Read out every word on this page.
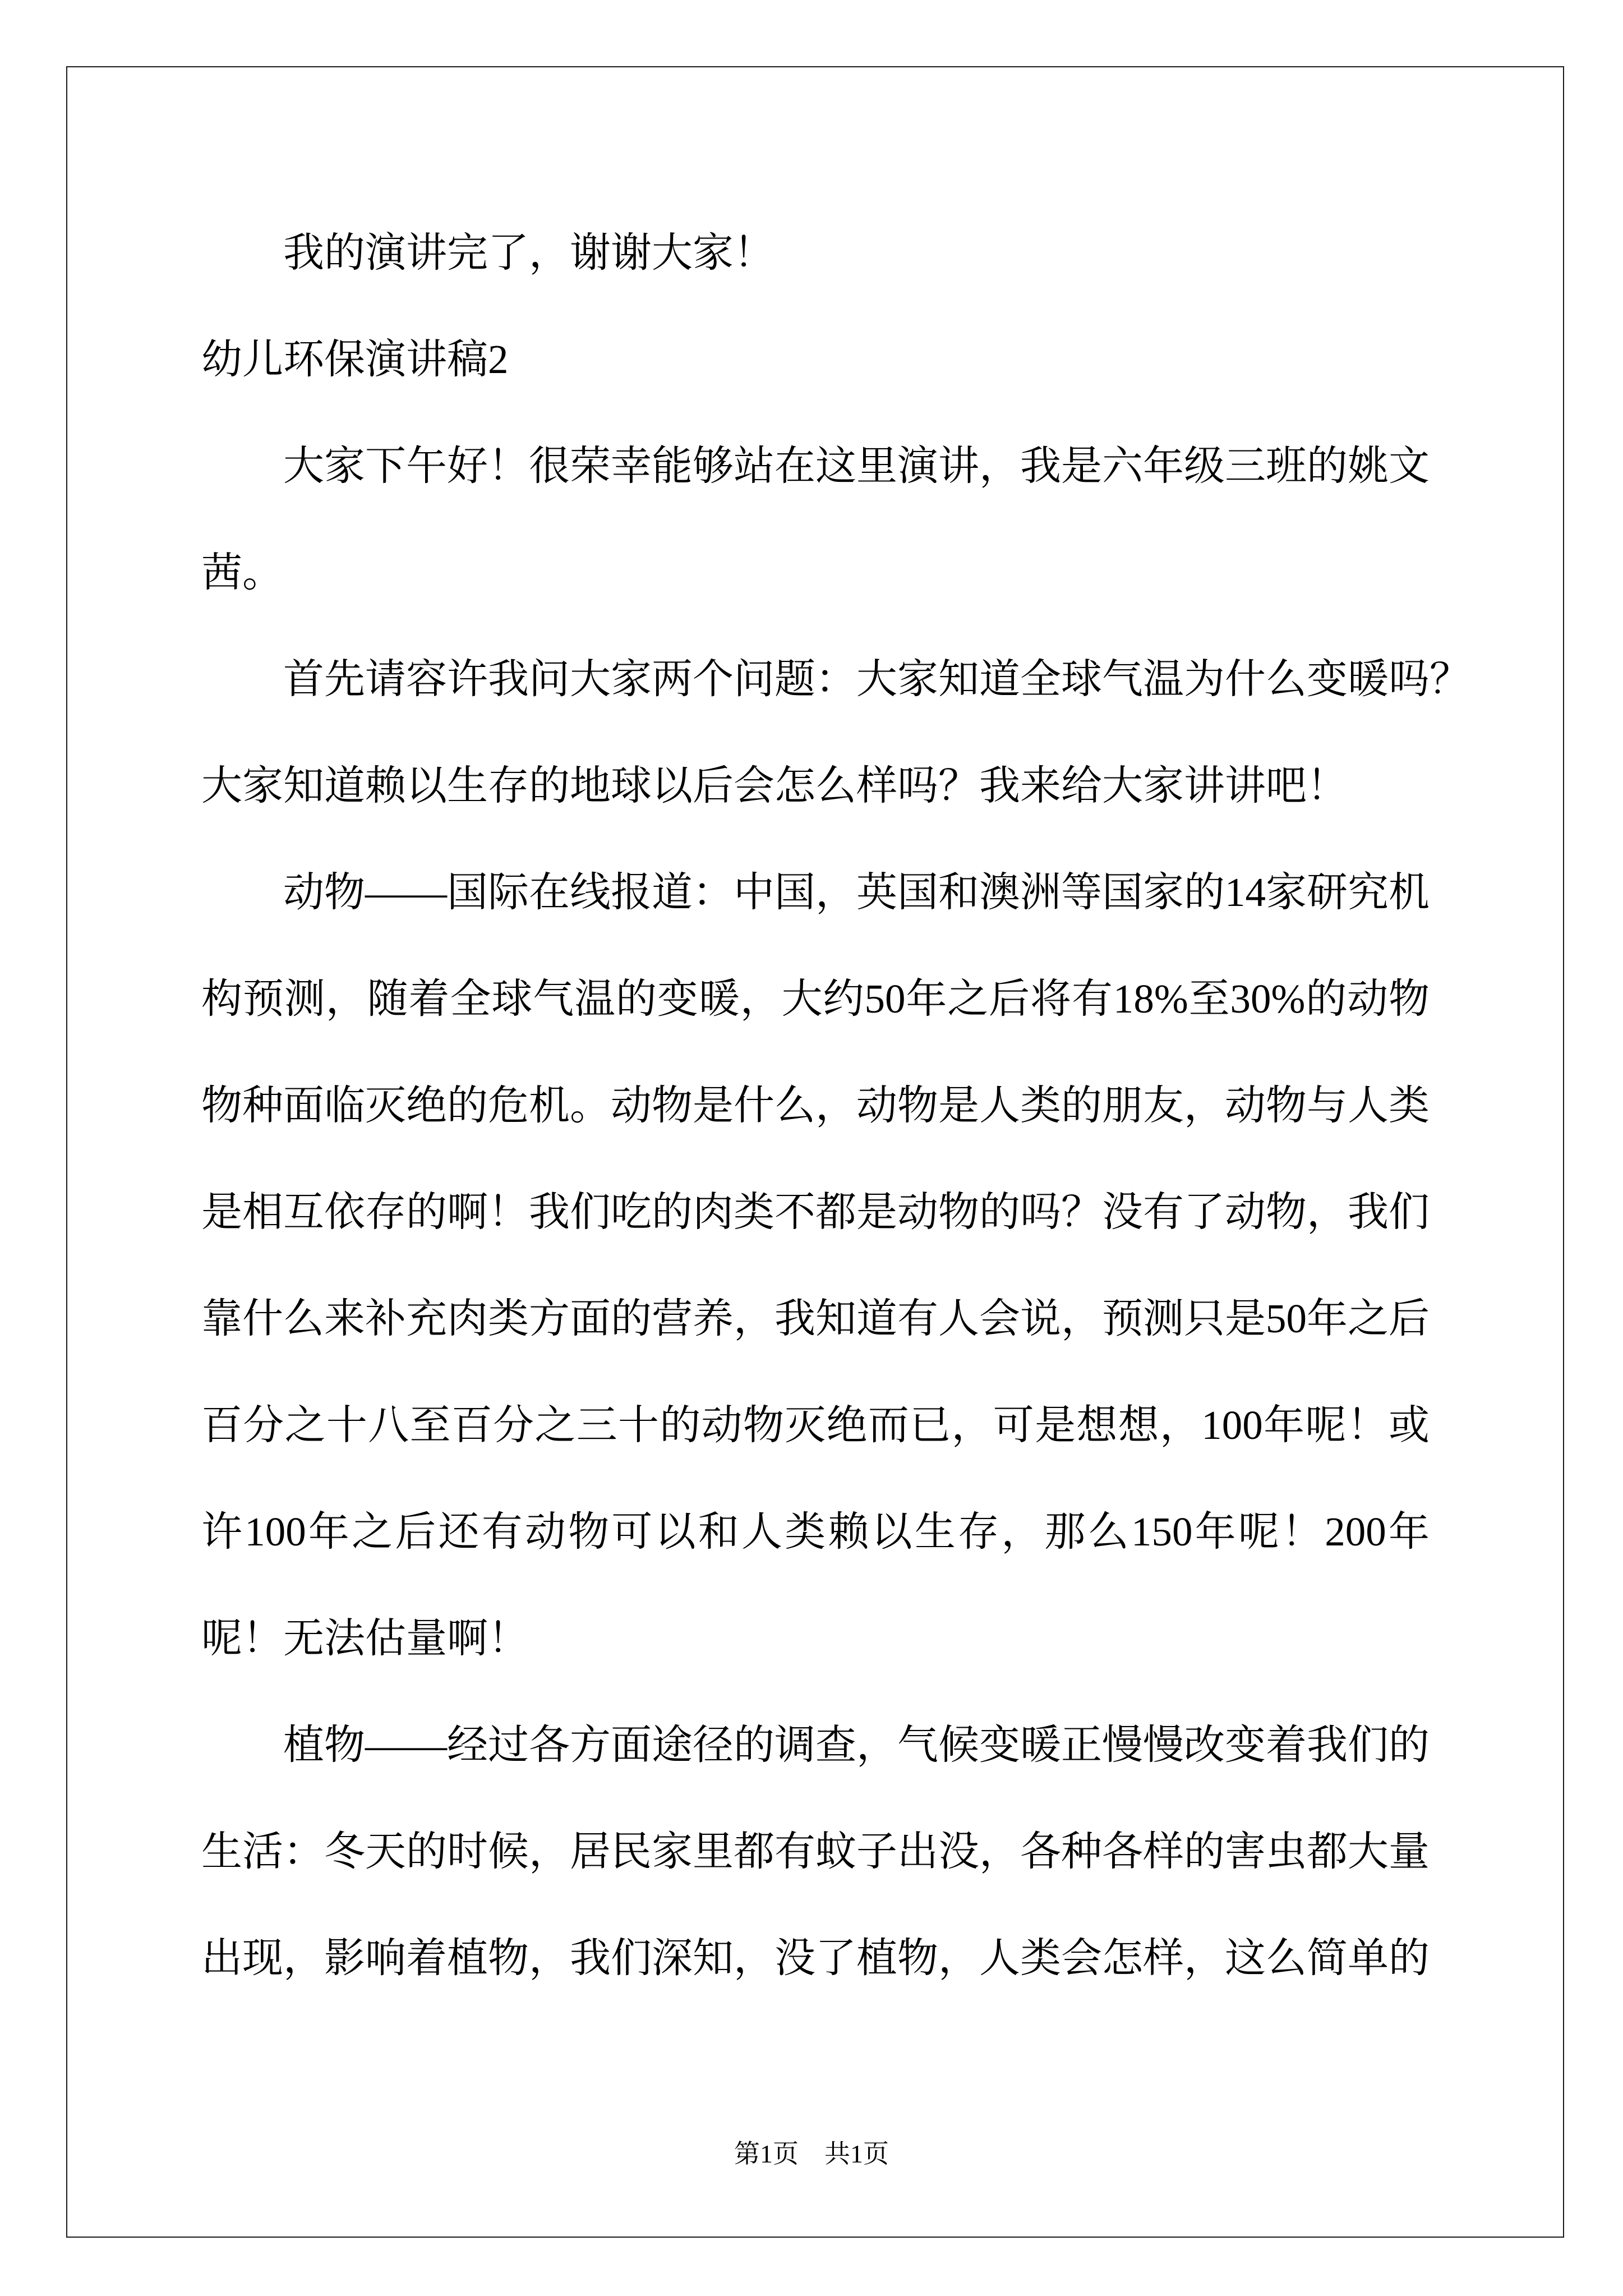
我的演讲完了，谢谢大家！
幼儿环保演讲稿2
大家下午好！很荣幸能够站在这里演讲，我是六年级三班的姚文
茜。
首先请容许我问大家两个问题：大家知道全球气温为什么变暖吗？
大家知道赖以生存的地球以后会怎么样吗？我来给大家讲讲吧！
动物——国际在线报道：中国，英国和澳洲等国家的14家研究机
构预测，随着全球气温的变暖，大约50年之后将有18%至30%的动物
物种面临灭绝的危机。动物是什么，动物是人类的朋友，动物与人类
是相互依存的啊！我们吃的肉类不都是动物的吗？没有了动物，我们
靠什么来补充肉类方面的营养，我知道有人会说，预测只是50年之后
百分之十八至百分之三十的动物灭绝而已，可是想想，100年呢！或
许100年之后还有动物可以和人类赖以生存，那么150年呢！200年
呢！无法估量啊！
植物——经过各方面途径的调查，气候变暖正慢慢改变着我们的
生活：冬天的时候，居民家里都有蚊子出没，各种各样的害虫都大量
出现，影响着植物，我们深知，没了植物，人类会怎样，这么简单的
第1页　共1页
